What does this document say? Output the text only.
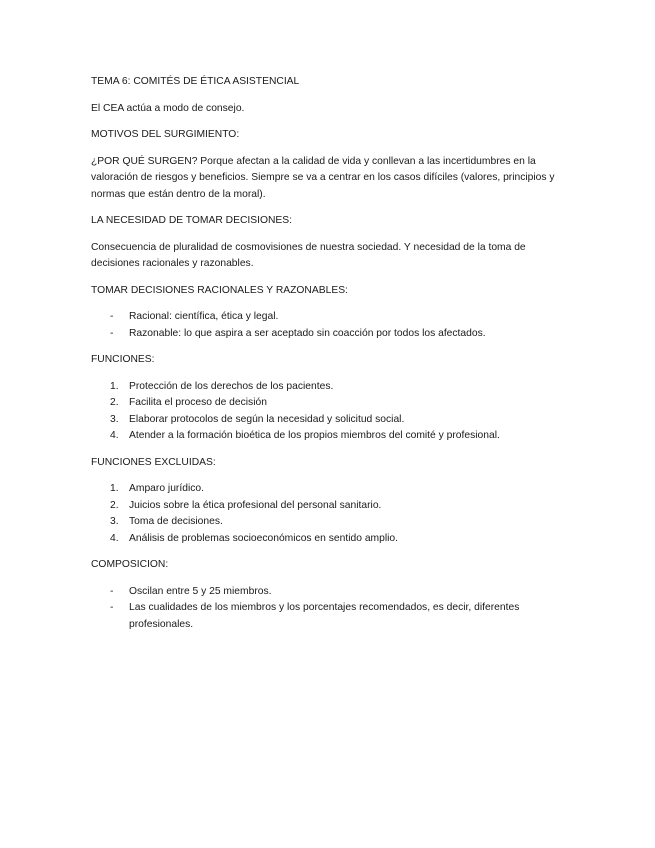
TEMA 6: COMITÉS DE ÉTICA ASISTENCIAL

El CEA actúa a modo de consejo.

MOTIVOS DEL SURGIMIENTO:

¿POR QUÉ SURGEN? Porque afectan a la calidad de vida y conllevan a las incertidumbres en la valoración de riesgos y beneficios. Siempre se va a centrar en los casos difíciles (valores, principios y normas que están dentro de la moral).

LA NECESIDAD DE TOMAR DECISIONES:

Consecuencia de pluralidad de cosmovisiones de nuestra sociedad. Y necesidad de la toma de decisiones racionales y razonables.

TOMAR DECISIONES RACIONALES Y RAZONABLES:

- Racional: científica, ética y legal.
- Razonable: lo que aspira a ser aceptado sin coacción por todos los afectados.

FUNCIONES:

1. Protección de los derechos de los pacientes.
2. Facilita el proceso de decisión
3. Elaborar protocolos de según la necesidad y solicitud social.
4. Atender a la formación bioética de los propios miembros del comité y profesional.

FUNCIONES EXCLUIDAS:

1. Amparo jurídico.
2. Juicios sobre la ética profesional del personal sanitario.
3. Toma de decisiones.
4. Análisis de problemas socioeconómicos en sentido amplio.

COMPOSICION:

- Oscilan entre 5 y 25 miembros.
- Las cualidades de los miembros y los porcentajes recomendados, es decir, diferentes profesionales.
